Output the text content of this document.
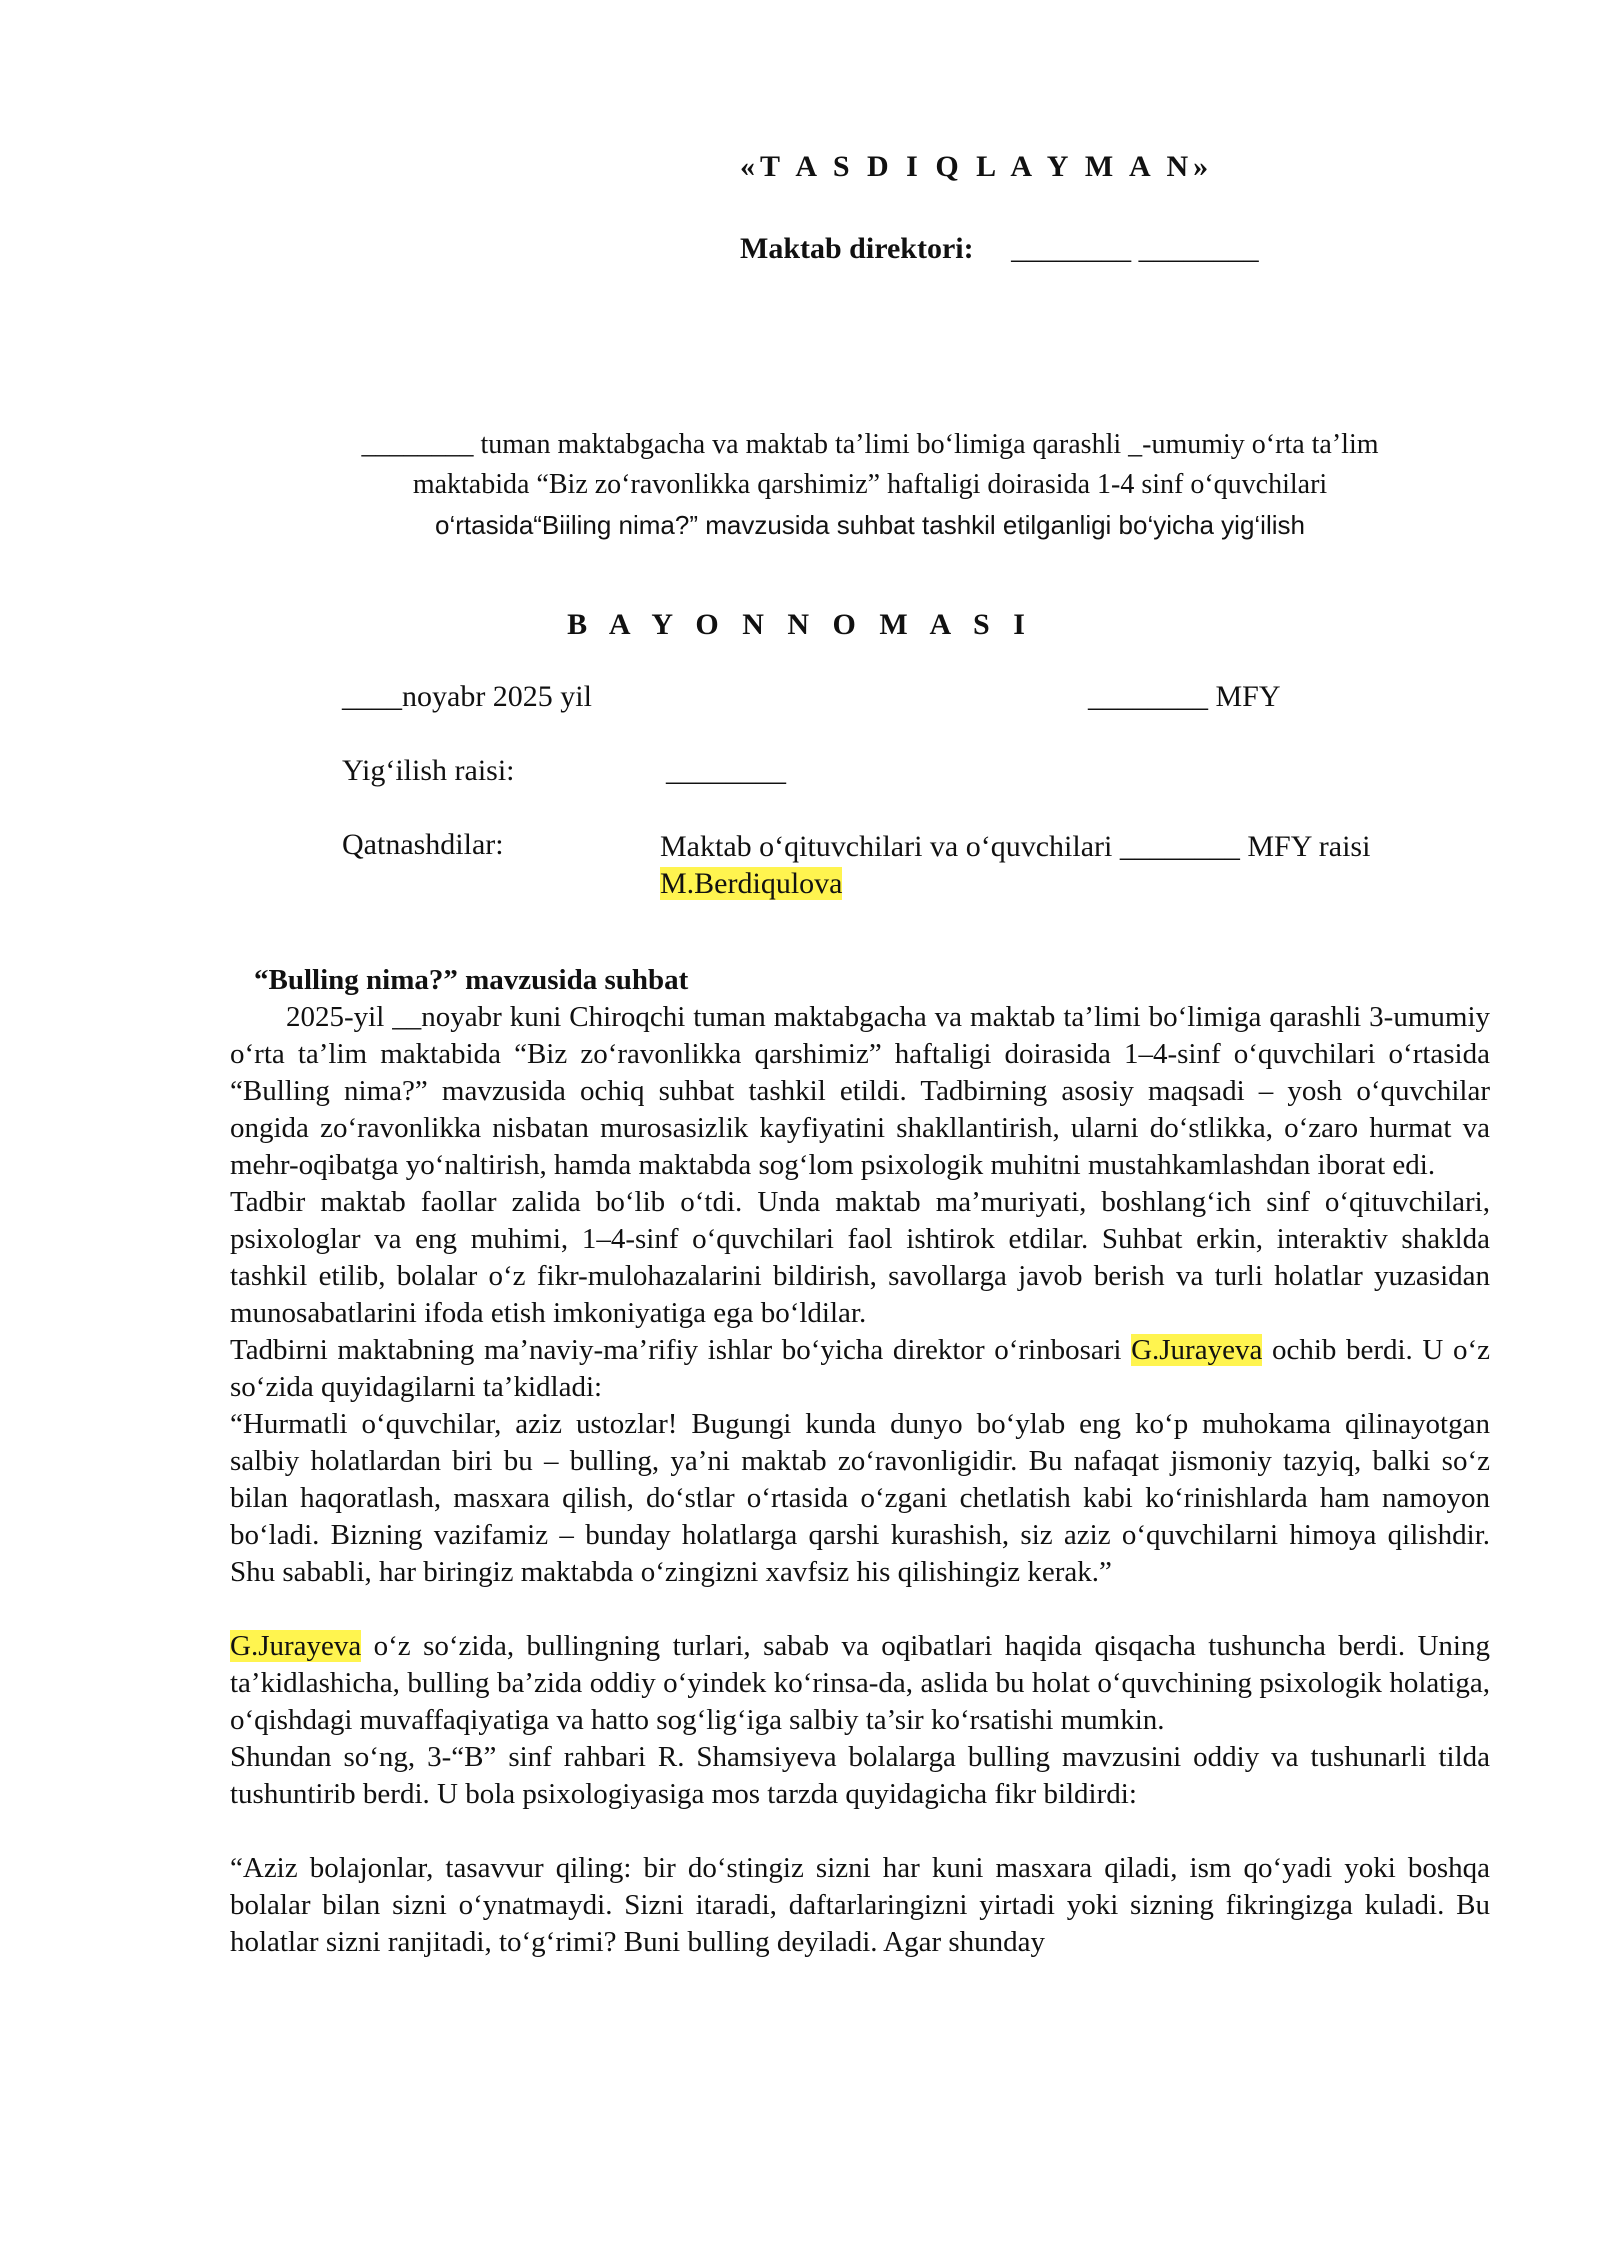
«T A S D I Q L A Y M A N»
Maktab direktori: ________ ________
________ tuman maktabgacha va maktab ta’limi bo‘limiga qarashli _-umumiy o‘rta ta’lim
maktabida “Biz zo‘ravonlikka qarshimiz” haftaligi doirasida 1-4 sinf o‘quvchilari
o‘rtasida“Biiling nima?” mavzusida suhbat tashkil etilganligi bo‘yicha yig‘ilish
B A Y O N N O M A S I
____noyabr 2025 yil	________ MFY
Yig‘ilish raisi:	________
Qatnashdilar:	Maktab o‘qituvchilari va o‘quvchilari ________ MFY raisi
M.Berdiqulova

“Bulling nima?” mavzusida suhbat

2025-yil __noyabr kuni Chiroqchi tuman maktabgacha va maktab ta’limi bo‘limiga qarashli 3-umumiy o‘rta ta’lim maktabida “Biz zo‘ravonlikka qarshimiz” haftaligi doirasida 1–4-sinf o‘quvchilari o‘rtasida “Bulling nima?” mavzusida ochiq suhbat tashkil etildi. Tadbirning asosiy maqsadi – yosh o‘quvchilar ongida zo‘ravonlikka nisbatan murosasizlik kayfiyatini shakllantirish, ularni do‘stlikka, o‘zaro hurmat va mehr-oqibatga yo‘naltirish, hamda maktabda sog‘lom psixologik muhitni mustahkamlashdan iborat edi.

Tadbir maktab faollar zalida bo‘lib o‘tdi. Unda maktab ma’muriyati, boshlang‘ich sinf o‘qituvchilari, psixologlar va eng muhimi, 1–4-sinf o‘quvchilari faol ishtirok etdilar. Suhbat erkin, interaktiv shaklda tashkil etilib, bolalar o‘z fikr-mulohazalarini bildirish, savollarga javob berish va turli holatlar yuzasidan munosabatlarini ifoda etish imkoniyatiga ega bo‘ldilar.

Tadbirni maktabning ma’naviy-ma’rifiy ishlar bo‘yicha direktor o‘rinbosari G.Jurayeva ochib berdi. U o‘z so‘zida quyidagilarni ta’kidladi:

“Hurmatli o‘quvchilar, aziz ustozlar! Bugungi kunda dunyo bo‘ylab eng ko‘p muhokama qilinayotgan salbiy holatlardan biri bu – bulling, ya’ni maktab zo‘ravonligidir. Bu nafaqat jismoniy tazyiq, balki so‘z bilan haqoratlash, masxara qilish, do‘stlar o‘rtasida o‘zgani chetlatish kabi ko‘rinishlarda ham namoyon bo‘ladi. Bizning vazifamiz – bunday holatlarga qarshi kurashish, siz aziz o‘quvchilarni himoya qilishdir. Shu sababli, har biringiz maktabda o‘zingizni xavfsiz his qilishingiz kerak.”

G.Jurayeva o‘z so‘zida, bullingning turlari, sabab va oqibatlari haqida qisqacha tushuncha berdi. Uning ta’kidlashicha, bulling ba’zida oddiy o‘yindek ko‘rinsa-da, aslida bu holat o‘quvchining psixologik holatiga, o‘qishdagi muvaffaqiyatiga va hatto sog‘lig‘iga salbiy ta’sir ko‘rsatishi mumkin.

Shundan so‘ng, 3-“B” sinf rahbari R. Shamsiyeva bolalarga bulling mavzusini oddiy va tushunarli tilda tushuntirib berdi. U bola psixologiyasiga mos tarzda quyidagicha fikr bildirdi:

“Aziz bolajonlar, tasavvur qiling: bir do‘stingiz sizni har kuni masxara qiladi, ism qo‘yadi yoki boshqa bolalar bilan sizni o‘ynatmaydi. Sizni itaradi, daftarlaringizni yirtadi yoki sizning fikringizga kuladi. Bu holatlar sizni ranjitadi, to‘g‘rimi? Buni bulling deyiladi. Agar shunday
